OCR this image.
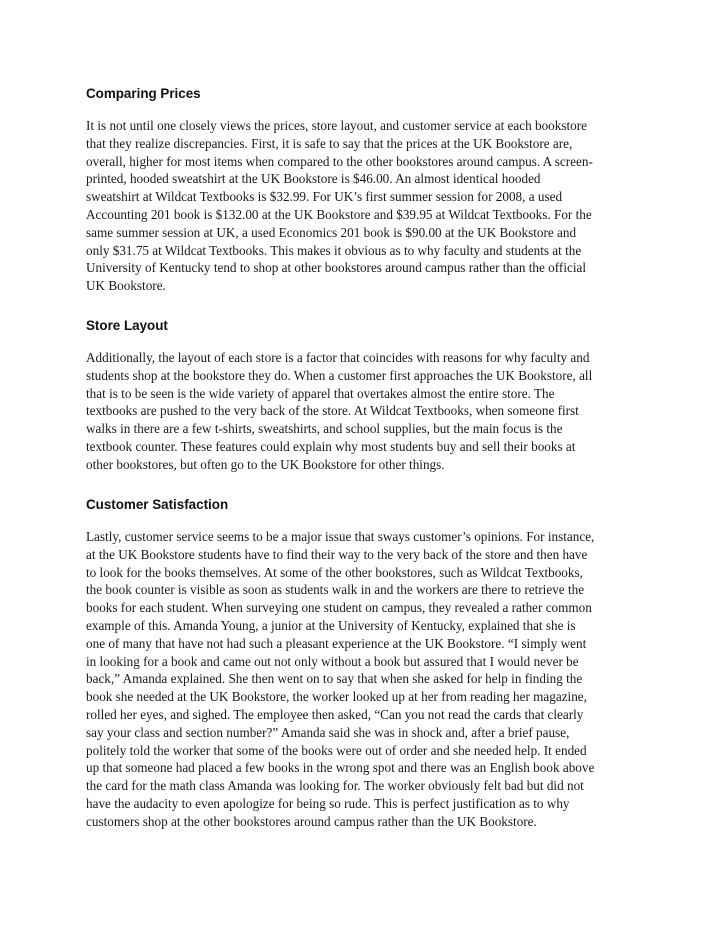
Comparing Prices

It is not until one closely views the prices, store layout, and customer service at each bookstore
that they realize discrepancies. First, it is safe to say that the prices at the UK Bookstore are,
overall, higher for most items when compared to the other bookstores around campus. A screen-
printed, hooded sweatshirt at the UK Bookstore is $46.00. An almost identical hooded
sweatshirt at Wildcat Textbooks is $32.99. For UK’s first summer session for 2008, a used
Accounting 201 book is $132.00 at the UK Bookstore and $39.95 at Wildcat Textbooks. For the
same summer session at UK, a used Economics 201 book is $90.00 at the UK Bookstore and
only $31.75 at Wildcat Textbooks. This makes it obvious as to why faculty and students at the
University of Kentucky tend to shop at other bookstores around campus rather than the official
UK Bookstore.

Store Layout

Additionally, the layout of each store is a factor that coincides with reasons for why faculty and
students shop at the bookstore they do. When a customer first approaches the UK Bookstore, all
that is to be seen is the wide variety of apparel that overtakes almost the entire store. The
textbooks are pushed to the very back of the store. At Wildcat Textbooks, when someone first
walks in there are a few t-shirts, sweatshirts, and school supplies, but the main focus is the
textbook counter. These features could explain why most students buy and sell their books at
other bookstores, but often go to the UK Bookstore for other things.

Customer Satisfaction

Lastly, customer service seems to be a major issue that sways customer’s opinions. For instance,
at the UK Bookstore students have to find their way to the very back of the store and then have
to look for the books themselves. At some of the other bookstores, such as Wildcat Textbooks,
the book counter is visible as soon as students walk in and the workers are there to retrieve the
books for each student. When surveying one student on campus, they revealed a rather common
example of this. Amanda Young, a junior at the University of Kentucky, explained that she is
one of many that have not had such a pleasant experience at the UK Bookstore. “I simply went
in looking for a book and came out not only without a book but assured that I would never be
back,” Amanda explained. She then went on to say that when she asked for help in finding the
book she needed at the UK Bookstore, the worker looked up at her from reading her magazine,
rolled her eyes, and sighed. The employee then asked, “Can you not read the cards that clearly
say your class and section number?” Amanda said she was in shock and, after a brief pause,
politely told the worker that some of the books were out of order and she needed help. It ended
up that someone had placed a few books in the wrong spot and there was an English book above
the card for the math class Amanda was looking for. The worker obviously felt bad but did not
have the audacity to even apologize for being so rude. This is perfect justification as to why
customers shop at the other bookstores around campus rather than the UK Bookstore.
